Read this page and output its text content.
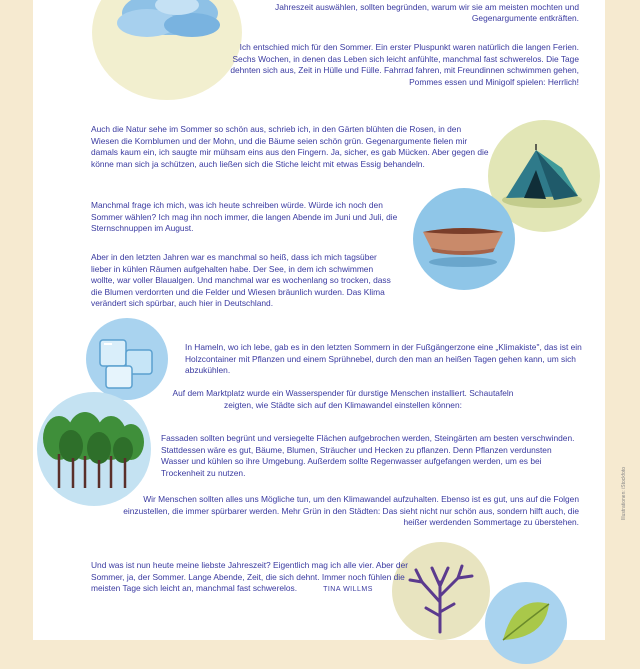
Jahreszeit auswählen, sollten begründen, warum wir sie am meisten mochten und Gegenargumente entkräften.

Ich entschied mich für den Sommer. Ein erster Pluspunkt waren natürlich die langen Ferien. Sechs Wochen, in denen das Leben sich leicht anfühlte, manchmal fast schwerelos. Die Tage dehnten sich aus, Zeit in Hülle und Fülle. Fahrrad fahren, mit Freundinnen schwimmen gehen, Pommes essen und Minigolf spielen: Herrlich!

Auch die Natur sehe im Sommer so schön aus, schrieb ich, in den Gärten blühten die Rosen, in den Wiesen die Kornblumen und der Mohn, und die Bäume seien schön grün. Gegenargumente fielen mir damals kaum ein, ich saugte mir mühsam eins aus den Fingern. Ja, sicher, es gab Mücken. Aber gegen die könne man sich ja schützen, auch ließen sich die Stiche leicht mit etwas Essig behandeln.

Manchmal frage ich mich, was ich heute schreiben würde. Würde ich noch den Sommer wählen? Ich mag ihn noch immer, die langen Abende im Juni und Juli, die Sternschnuppen im August.

Aber in den letzten Jahren war es manchmal so heiß, dass ich mich tagsüber lieber in kühlen Räumen aufgehalten habe. Der See, in dem ich schwimmen wollte, war voller Blaualgen. Und manchmal war es wochenlang so trocken, dass die Blumen verdorrten und die Felder und Wiesen bräunlich wurden. Das Klima verändert sich spürbar, auch hier in Deutschland.

In Hameln, wo ich lebe, gab es in den letzten Sommern in der Fußgängerzone eine „Klimakiste", das ist ein Holzcontainer mit Pflanzen und einem Sprühnebel, durch den man an heißen Tagen gehen kann, um sich abzukühlen.

Auf dem Marktplatz wurde ein Wasserspender für durstige Menschen installiert. Schautafeln zeigten, wie Städte sich auf den Klimawandel einstellen können:

Fassaden sollten begrünt und versiegelte Flächen aufgebrochen werden, Steingärten am besten verschwinden. Stattdessen wäre es gut, Bäume, Blumen, Sträucher und Hecken zu pflanzen. Denn Pflanzen verdunsten Wasser und kühlen so ihre Umgebung. Außerdem sollte Regenwasser aufgefangen werden, um es bei Trockenheit zu nutzen.

Wir Menschen sollten alles uns Mögliche tun, um den Klimawandel aufzuhalten. Ebenso ist es gut, uns auf die Folgen einzustellen, die immer spürbarer werden. Mehr Grün in den Städten: Das sieht nicht nur schön aus, sondern hilft auch, die heißer werdenden Sommertage zu überstehen.

Und was ist nun heute meine liebste Jahreszeit? Eigentlich mag ich alle vier. Aber der Sommer, ja, der Sommer. Lange Abende, Zeit, die sich dehnt. Immer noch fühlen die meisten Tage sich leicht an, manchmal fast schwerelos.	TINA WILLMS

Illustrationen: iStockfoto
